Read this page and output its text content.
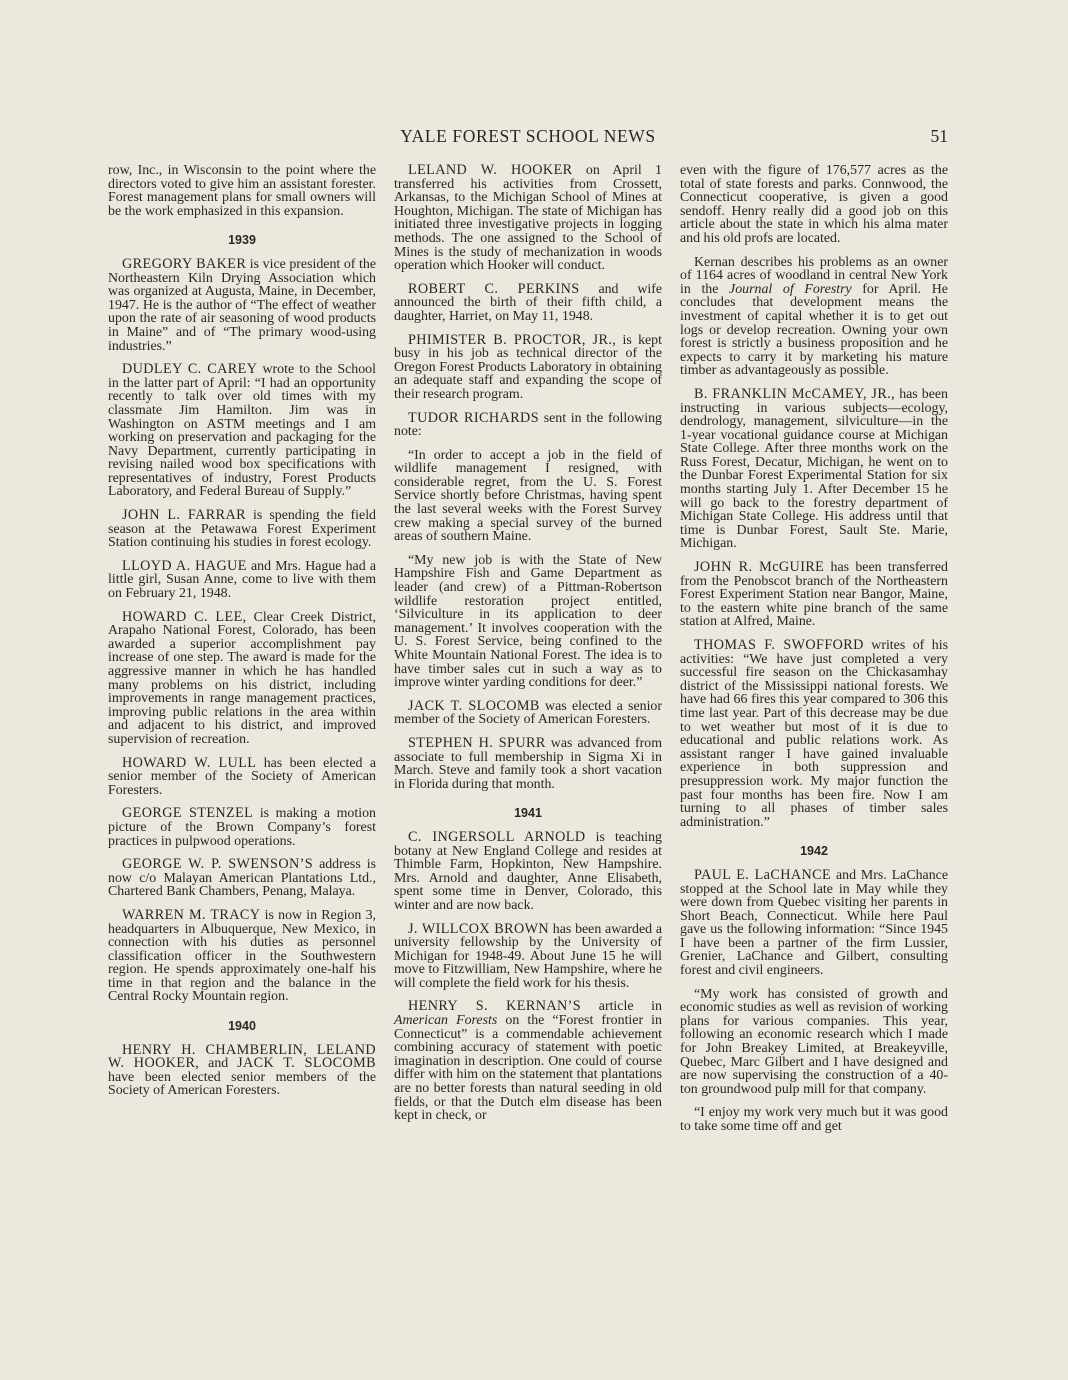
YALE FOREST SCHOOL NEWS	51

row, Inc., in Wisconsin to the point where the directors voted to give him an assistant forester. Forest management plans for small owners will be the work emphasized in this expansion.

1939

GREGORY BAKER is vice president of the Northeastern Kiln Drying Association which was organized at Augusta, Maine, in December, 1947. He is the author of “The effect of weather upon the rate of air seasoning of wood products in Maine” and of “The primary wood-using industries.”

DUDLEY C. CAREY wrote to the School in the latter part of April: “I had an opportunity recently to talk over old times with my classmate Jim Hamilton. Jim was in Washington on ASTM meetings and I am working on preservation and packaging for the Navy Department, currently participating in revising nailed wood box specifications with representatives of industry, Forest Products Laboratory, and Federal Bureau of Supply.”

JOHN L. FARRAR is spending the field season at the Petawawa Forest Experiment Station continuing his studies in forest ecology.

LLOYD A. HAGUE and Mrs. Hague had a little girl, Susan Anne, come to live with them on February 21, 1948.

HOWARD C. LEE, Clear Creek District, Arapaho National Forest, Colorado, has been awarded a superior accomplishment pay increase of one step. The award is made for the aggressive manner in which he has handled many problems on his district, including improvements in range management practices, improving public relations in the area within and adjacent to his district, and improved supervision of recreation.

HOWARD W. LULL has been elected a senior member of the Society of American Foresters.

GEORGE STENZEL is making a motion picture of the Brown Company’s forest practices in pulpwood operations.

GEORGE W. P. SWENSON’S address is now c/o Malayan American Plantations Ltd., Chartered Bank Chambers, Penang, Malaya.

WARREN M. TRACY is now in Region 3, headquarters in Albuquerque, New Mexico, in connection with his duties as personnel classification officer in the Southwestern region. He spends approximately one-half his time in that region and the balance in the Central Rocky Mountain region.

1940

HENRY H. CHAMBERLIN, LELAND W. HOOKER, and JACK T. SLOCOMB have been elected senior members of the Society of American Foresters.

LELAND W. HOOKER on April 1 transferred his activities from Crossett, Arkansas, to the Michigan School of Mines at Houghton, Michigan. The state of Michigan has initiated three investigative projects in logging methods. The one assigned to the School of Mines is the study of mechanization in woods operation which Hooker will conduct.

ROBERT C. PERKINS and wife announced the birth of their fifth child, a daughter, Harriet, on May 11, 1948.

PHIMISTER B. PROCTOR, JR., is kept busy in his job as technical director of the Oregon Forest Products Laboratory in obtaining an adequate staff and expanding the scope of their research program.

TUDOR RICHARDS sent in the following note:

“In order to accept a job in the field of wildlife management I resigned, with considerable regret, from the U. S. Forest Service shortly before Christmas, having spent the last several weeks with the Forest Survey crew making a special survey of the burned areas of southern Maine.

“My new job is with the State of New Hampshire Fish and Game Department as leader (and crew) of a Pittman-Robertson wildlife restoration project entitled, ‘Silviculture in its application to deer management.’ It involves cooperation with the U. S. Forest Service, being confined to the White Mountain National Forest. The idea is to have timber sales cut in such a way as to improve winter yarding conditions for deer.”

JACK T. SLOCOMB was elected a senior member of the Society of American Foresters.

STEPHEN H. SPURR was advanced from associate to full membership in Sigma Xi in March. Steve and family took a short vacation in Florida during that month.

1941

C. INGERSOLL ARNOLD is teaching botany at New England College and resides at Thimble Farm, Hopkinton, New Hampshire. Mrs. Arnold and daughter, Anne Elisabeth, spent some time in Denver, Colorado, this winter and are now back.

J. WILLCOX BROWN has been awarded a university fellowship by the University of Michigan for 1948-49. About June 15 he will move to Fitzwilliam, New Hampshire, where he will complete the field work for his thesis.

HENRY S. KERNAN’S article in American Forests on the “Forest frontier in Connecticut” is a commendable achievement combining accuracy of statement with poetic imagination in description. One could of course differ with him on the statement that plantations are no better forests than natural seeding in old fields, or that the Dutch elm disease has been kept in check, or

even with the figure of 176,577 acres as the total of state forests and parks. Connwood, the Connecticut cooperative, is given a good sendoff. Henry really did a good job on this article about the state in which his alma mater and his old profs are located.

Kernan describes his problems as an owner of 1164 acres of woodland in central New York in the Journal of Forestry for April. He concludes that development means the investment of capital whether it is to get out logs or develop recreation. Owning your own forest is strictly a business proposition and he expects to carry it by marketing his mature timber as advantageously as possible.

B. FRANKLIN McCAMEY, JR., has been instructing in various subjects—ecology, dendrology, management, silviculture—in the 1-year vocational guidance course at Michigan State College. After three months work on the Russ Forest, Decatur, Michigan, he went on to the Dunbar Forest Experimental Station for six months starting July 1. After December 15 he will go back to the forestry department of Michigan State College. His address until that time is Dunbar Forest, Sault Ste. Marie, Michigan.

JOHN R. McGUIRE has been transferred from the Penobscot branch of the Northeastern Forest Experiment Station near Bangor, Maine, to the eastern white pine branch of the same station at Alfred, Maine.

THOMAS F. SWOFFORD writes of his activities: “We have just completed a very successful fire season on the Chickasamhay district of the Mississippi national forests. We have had 66 fires this year compared to 306 this time last year. Part of this decrease may be due to wet weather but most of it is due to educational and public relations work. As assistant ranger I have gained invaluable experience in both suppression and presuppression work. My major function the past four months has been fire. Now I am turning to all phases of timber sales administration.”

1942

PAUL E. LaCHANCE and Mrs. LaChance stopped at the School late in May while they were down from Quebec visiting her parents in Short Beach, Connecticut. While here Paul gave us the following information: “Since 1945 I have been a partner of the firm Lussier, Grenier, LaChance and Gilbert, consulting forest and civil engineers.

“My work has consisted of growth and economic studies as well as revision of working plans for various companies. This year, following an economic research which I made for John Breakey Limited, at Breakeyville, Quebec, Marc Gilbert and I have designed and are now supervising the construction of a 40-ton groundwood pulp mill for that company.

“I enjoy my work very much but it was good to take some time off and get
